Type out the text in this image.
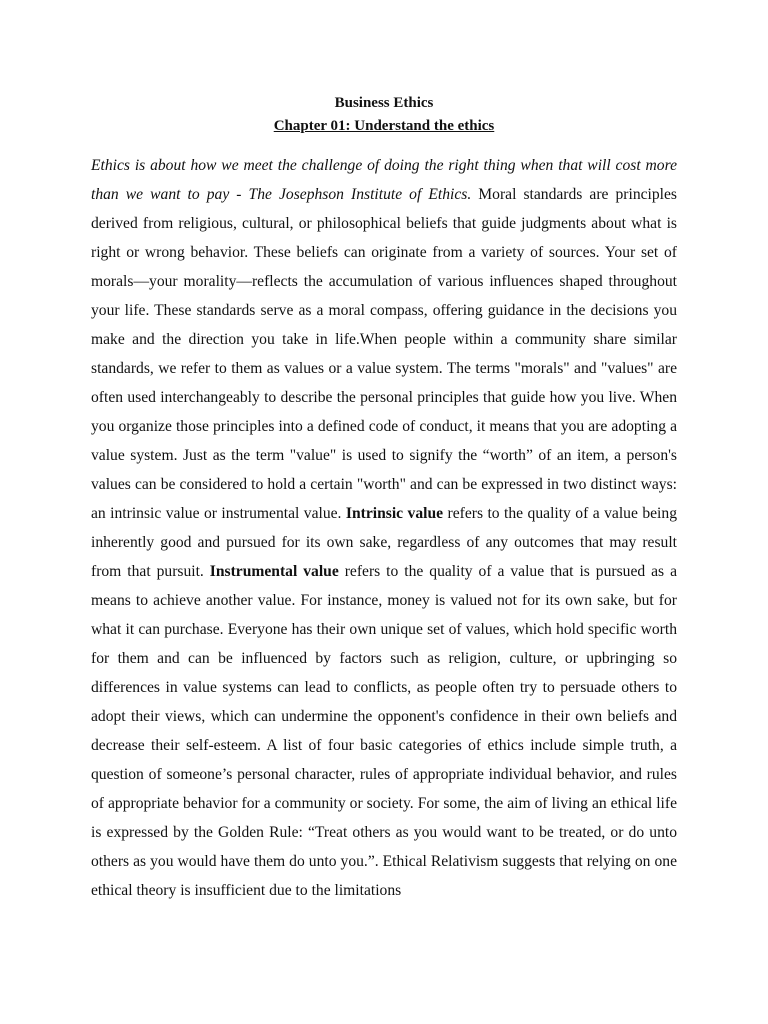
Business Ethics
Chapter 01: Understand the ethics

Ethics is about how we meet the challenge of doing the right thing when that will cost more than we want to pay - The Josephson Institute of Ethics. Moral standards are principles derived from religious, cultural, or philosophical beliefs that guide judgments about what is right or wrong behavior. These beliefs can originate from a variety of sources. Your set of morals—your morality—reflects the accumulation of various influences shaped throughout your life. These standards serve as a moral compass, offering guidance in the decisions you make and the direction you take in life.When people within a community share similar standards, we refer to them as values or a value system. The terms "morals" and "values" are often used interchangeably to describe the personal principles that guide how you live. When you organize those principles into a defined code of conduct, it means that you are adopting a value system. Just as the term "value" is used to signify the “worth” of an item, a person's values can be considered to hold a certain "worth" and can be expressed in two distinct ways: an intrinsic value or instrumental value. Intrinsic value refers to the quality of a value being inherently good and pursued for its own sake, regardless of any outcomes that may result from that pursuit. Instrumental value refers to the quality of a value that is pursued as a means to achieve another value. For instance, money is valued not for its own sake, but for what it can purchase. Everyone has their own unique set of values, which hold specific worth for them and can be influenced by factors such as religion, culture, or upbringing so differences in value systems can lead to conflicts, as people often try to persuade others to adopt their views, which can undermine the opponent's confidence in their own beliefs and decrease their self-esteem. A list of four basic categories of ethics include simple truth, a question of someone’s personal character, rules of appropriate individual behavior, and rules of appropriate behavior for a community or society. For some, the aim of living an ethical life is expressed by the Golden Rule: “Treat others as you would want to be treated, or do unto others as you would have them do unto you.”. Ethical Relativism suggests that relying on one ethical theory is insufficient due to the limitations
